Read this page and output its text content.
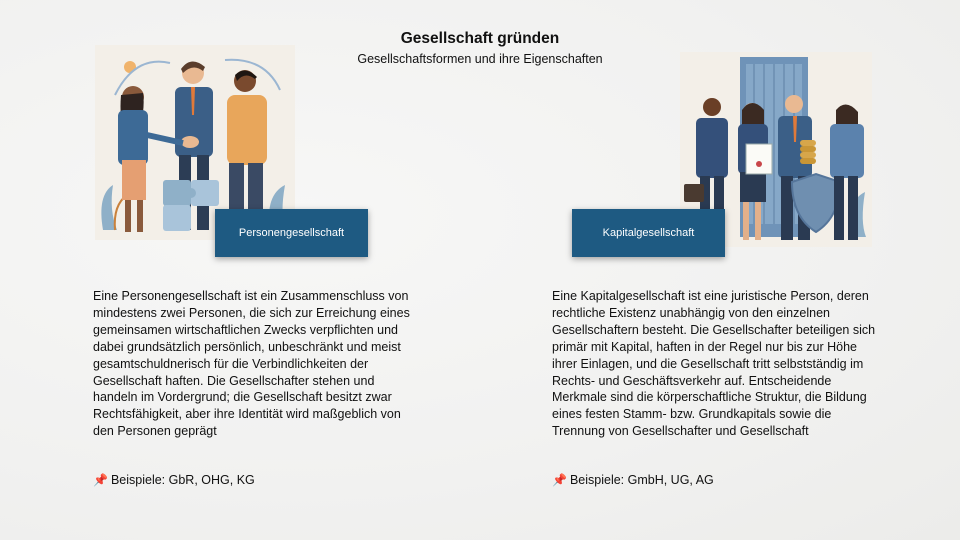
Gesellschaft gründen
Gesellschaftsformen und ihre Eigenschaften
Personengesellschaft	Kapitalgesellschaft
Eine Personengesellschaft ist ein Zusammenschluss von mindestens zwei Personen, die sich zur Erreichung eines gemeinsamen wirtschaftlichen Zwecks verpflichten und dabei grundsätzlich persönlich, unbeschränkt und meist gesamtschuldnerisch für die Verbindlichkeiten der Gesellschaft haften. Die Gesellschafter stehen und handeln im Vordergrund; die Gesellschaft besitzt zwar Rechtsfähigkeit, aber ihre Identität wird maßgeblich von den Personen geprägt
Eine Kapitalgesellschaft ist eine juristische Person, deren rechtliche Existenz unabhängig von den einzelnen Gesellschaftern besteht. Die Gesellschafter beteiligen sich primär mit Kapital, haften in der Regel nur bis zur Höhe ihrer Einlagen, und die Gesellschaft tritt selbstständig im Rechts- und Geschäftsverkehr auf. Entscheidende Merkmale sind die körperschaftliche Struktur, die Bildung eines festen Stamm- bzw. Grundkapitals sowie die Trennung von Gesellschafter und Gesellschaft
📌 Beispiele: GbR, OHG, KG	📌 Beispiele: GmbH, UG, AG
